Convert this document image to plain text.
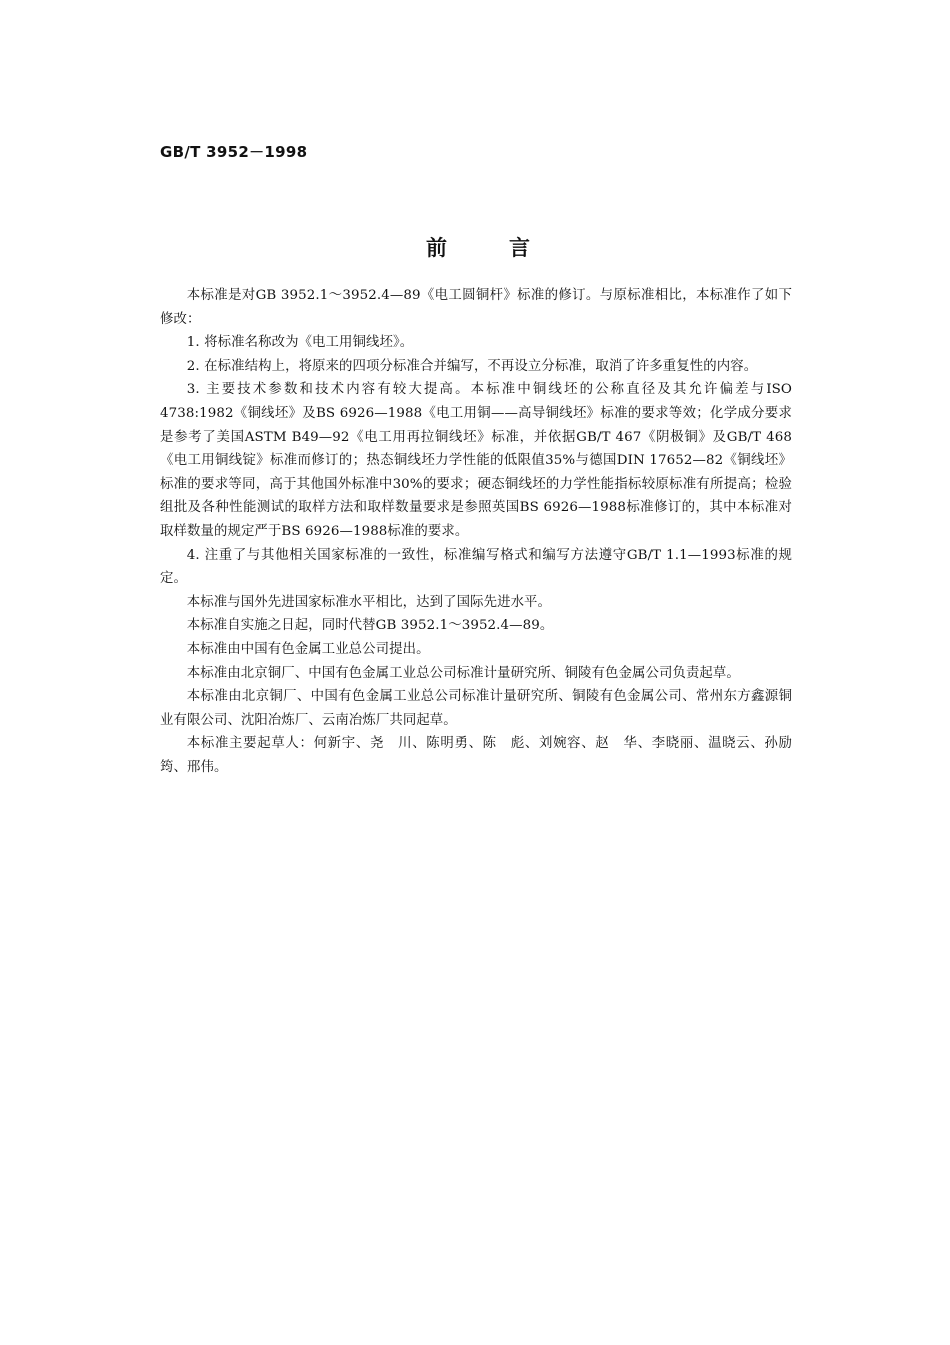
GB/T 3952－1998
前言

本标准是对GB 3952.1～3952.4—89《电工圆铜杆》标准的修订。与原标准相比，本标准作了如下修改：

1. 将标准名称改为《电工用铜线坯》。

2. 在标准结构上，将原来的四项分标准合并编写，不再设立分标准，取消了许多重复性的内容。

3. 主要技术参数和技术内容有较大提高。本标准中铜线坯的公称直径及其允许偏差与ISO 4738:1982《铜线坯》及BS 6926—1988《电工用铜——高导铜线坯》标准的要求等效；化学成分要求是参考了美国ASTM B49—92《电工用再拉铜线坯》标准，并依据GB/T 467《阴极铜》及GB/T 468《电工用铜线锭》标准而修订的；热态铜线坯力学性能的低限值35%与德国DIN 17652—82《铜线坯》标准的要求等同，高于其他国外标准中30%的要求；硬态铜线坯的力学性能指标较原标准有所提高；检验组批及各种性能测试的取样方法和取样数量要求是参照英国BS 6926—1988标准修订的，其中本标准对取样数量的规定严于BS 6926—1988标准的要求。

4. 注重了与其他相关国家标准的一致性，标准编写格式和编写方法遵守GB/T 1.1—1993标准的规定。

本标准与国外先进国家标准水平相比，达到了国际先进水平。

本标准自实施之日起，同时代替GB 3952.1～3952.4—89。

本标准由中国有色金属工业总公司提出。

本标准由北京铜厂、中国有色金属工业总公司标准计量研究所、铜陵有色金属公司负责起草。

本标准由北京铜厂、中国有色金属工业总公司标准计量研究所、铜陵有色金属公司、常州东方鑫源铜业有限公司、沈阳冶炼厂、云南冶炼厂共同起草。

本标准主要起草人：何新宇、尧　川、陈明勇、陈　彪、刘婉容、赵　华、李晓丽、温晓云、孙励筠、邢伟。
